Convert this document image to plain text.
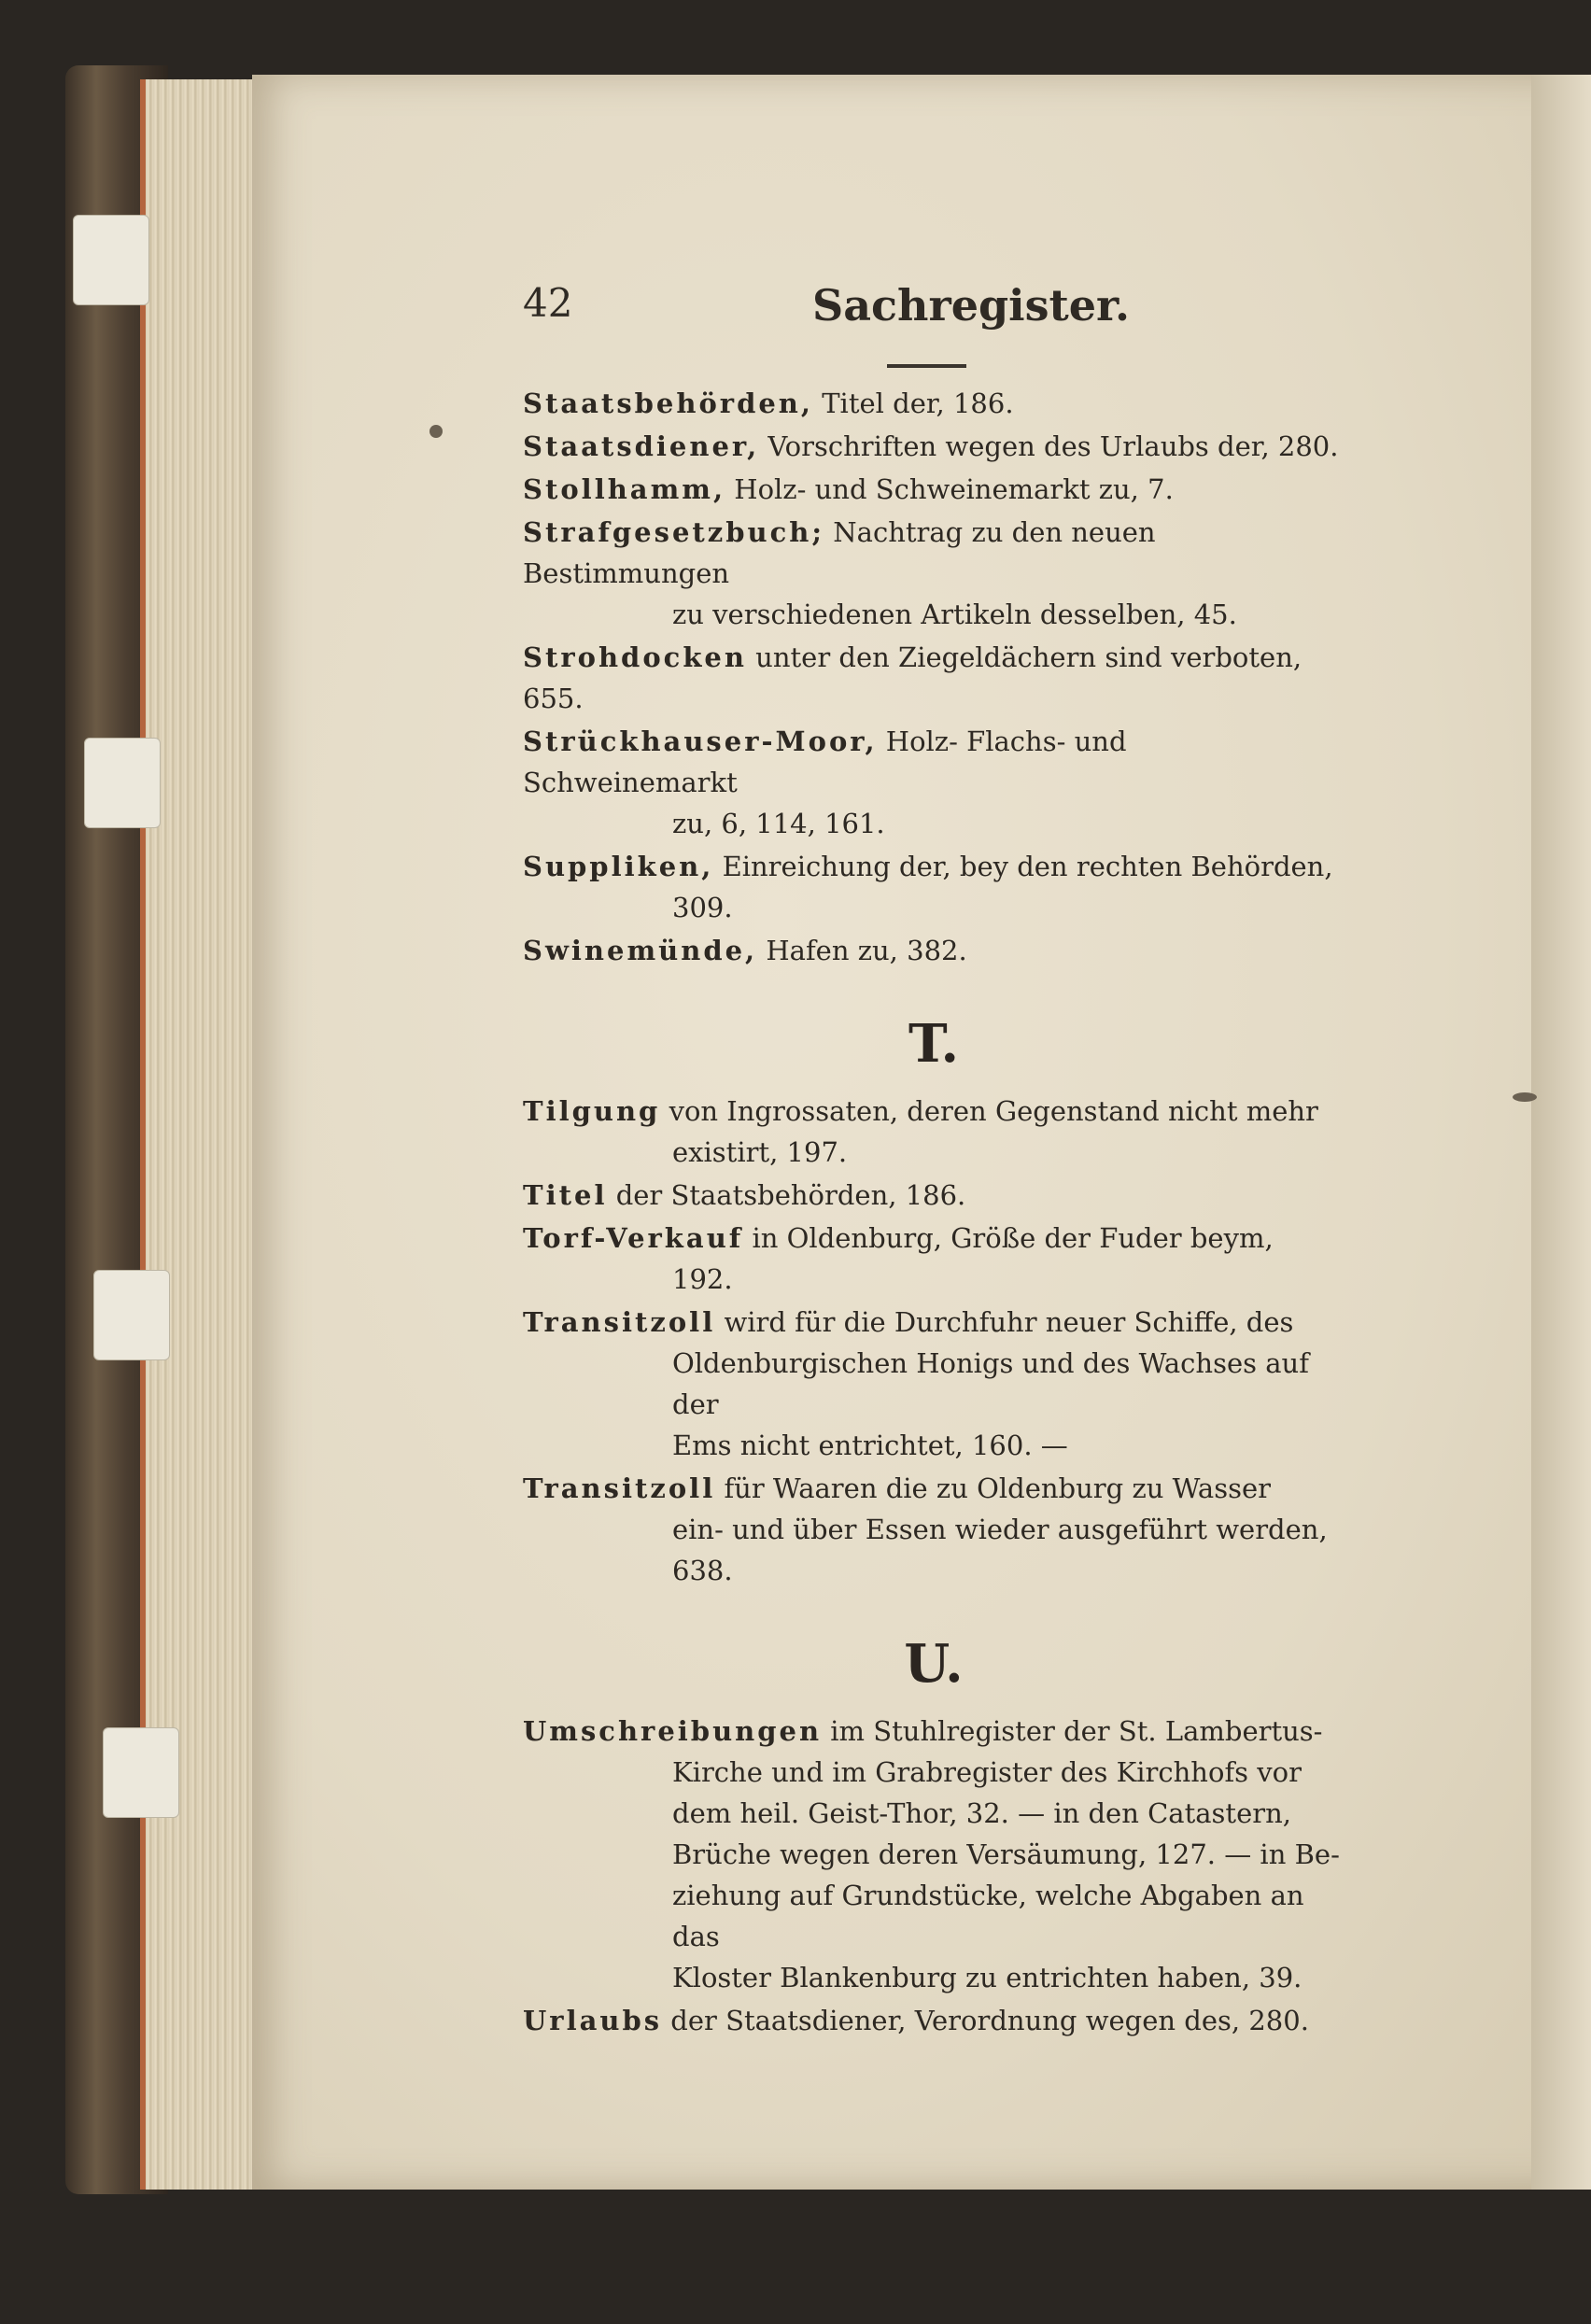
42	Sachregister.
Staatsbehörden, Titel der, 186.
Staatsdiener, Vorschriften wegen des Urlaubs der, 280.
Stollhamm, Holz- und Schweinemarkt zu, 7.
Strafgesetzbuch; Nachtrag zu den neuen Bestimmungen
zu verschiedenen Artikeln desselben, 45.
Strohdocken unter den Ziegeldächern sind verboten, 655.
Strückhauser-Moor, Holz- Flachs- und Schweinemarkt
zu, 6, 114, 161.
Suppliken, Einreichung der, bey den rechten Behörden,
309.
Swinemünde, Hafen zu, 382.
T.
Tilgung von Ingrossaten, deren Gegenstand nicht mehr
existirt, 197.
Titel der Staatsbehörden, 186.
Torf-Verkauf in Oldenburg, Größe der Fuder beym,
192.
Transitzoll wird für die Durchfuhr neuer Schiffe, des
Oldenburgischen Honigs und des Wachses auf der
Ems nicht entrichtet, 160. —
Transitzoll für Waaren die zu Oldenburg zu Wasser
ein- und über Essen wieder ausgeführt werden,
638.
U.
Umschreibungen im Stuhlregister der St. Lambertus-
Kirche und im Grabregister des Kirchhofs vor
dem heil. Geist-Thor, 32. — in den Catastern,
Brüche wegen deren Versäumung, 127. — in Be-
ziehung auf Grundstücke, welche Abgaben an das
Kloster Blankenburg zu entrichten haben, 39.
Urlaubs der Staatsdiener, Verordnung wegen des, 280.
